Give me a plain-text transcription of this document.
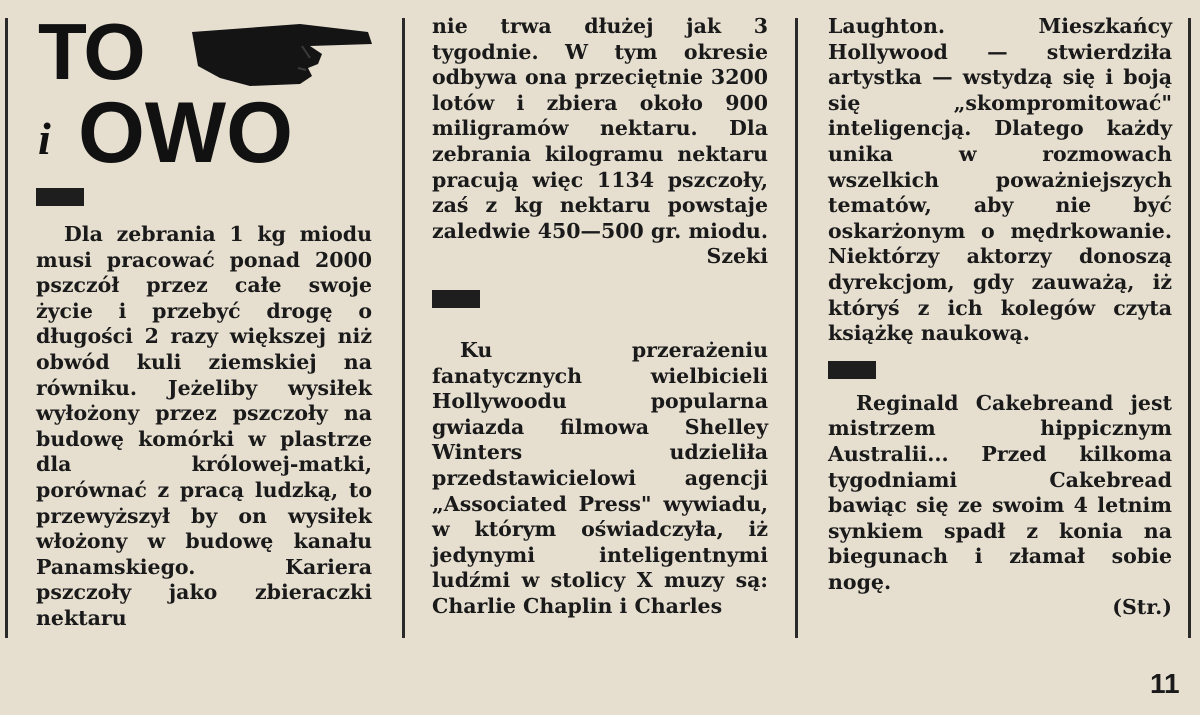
TO
i OWO

Dla zebrania 1 kg miodu musi pracować ponad 2000 pszczół przez całe swoje życie i przebyć drogę o długości 2 razy większej niż obwód kuli ziemskiej na równiku. Jeżeliby wysiłek wyłożony przez pszczoły na budowę komórki w plastrze dla królowej-matki, porównać z pracą ludzką, to przewyższył by on wysiłek włożony w budowę kanału Panamskiego. Kariera pszczoły jako zbieraczki nektaru

nie trwa dłużej jak 3 tygodnie. W tym okresie odbywa ona przeciętnie 3200 lotów i zbiera około 900 miligramów nektaru. Dla zebrania kilogramu nektaru pracują więc 1134 pszczoły, zaś z kg nektaru powstaje zaledwie 450—500 gr. miodu.

Szeki

Ku przerażeniu fanatycznych wielbicieli Hollywoodu popularna gwiazda filmowa Shelley Winters udzieliła przedstawicielowi agencji „Associated Press" wywiadu, w którym oświadczyła, iż jedynymi inteligentnymi ludźmi w stolicy X muzy są: Charlie Chaplin i Charles

Laughton. Mieszkańcy Hollywood — stwierdziła artystka — wstydzą się i boją się „skompromitować" inteligencją. Dlatego każdy unika w rozmowach wszelkich poważniejszych tematów, aby nie być oskarżonym o mędrkowanie. Niektórzy aktorzy donoszą dyrekcjom, gdy zauważą, iż któryś z ich kolegów czyta książkę naukową.

Reginald Cakebreand jest mistrzem hippicznym Australii... Przed kilkoma tygodniami Cakebread bawiąc się ze swoim 4 letnim synkiem spadł z konia na biegunach i złamał sobie nogę.

(Str.)

11
